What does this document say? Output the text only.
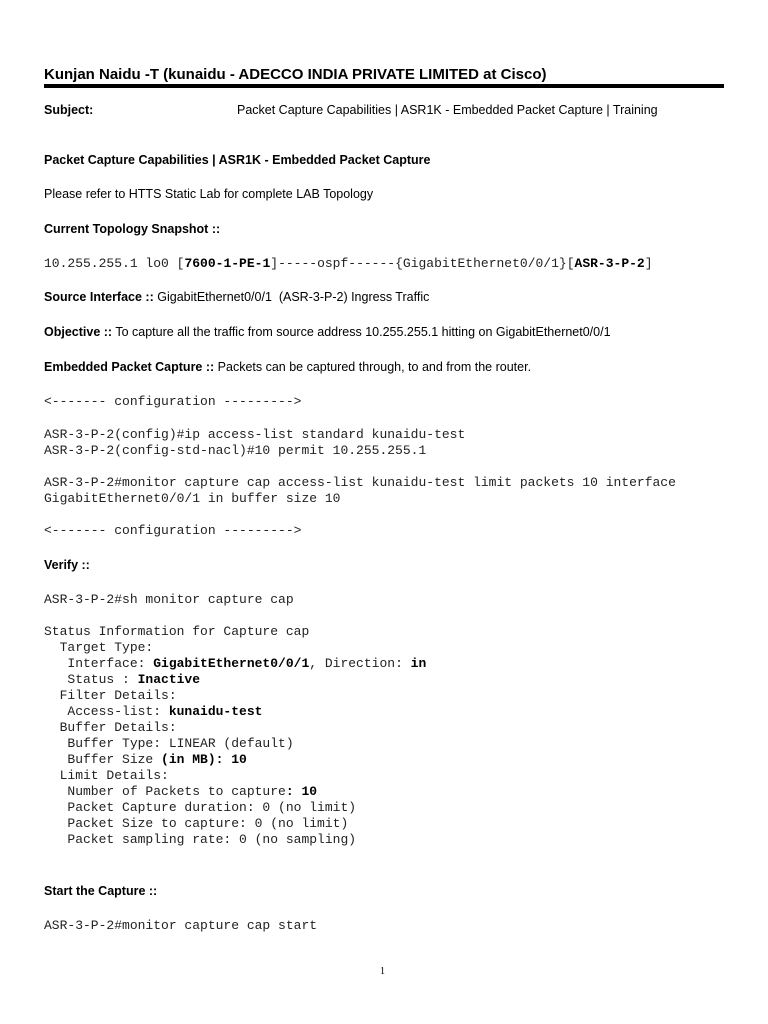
Kunjan Naidu -T (kunaidu - ADECCO INDIA PRIVATE LIMITED at Cisco)
Subject:	Packet Capture Capabilities | ASR1K - Embedded Packet Capture | Training
Packet Capture Capabilities | ASR1K - Embedded Packet Capture
Please refer to HTTS Static Lab for complete LAB Topology
Current Topology Snapshot ::
10.255.255.1 lo0 [7600-1-PE-1]-----ospf------{GigabitEthernet0/0/1}[ASR-3-P-2]
Source Interface :: GigabitEthernet0/0/1  (ASR-3-P-2) Ingress Traffic
Objective :: To capture all the traffic from source address 10.255.255.1 hitting on GigabitEthernet0/0/1
Embedded Packet Capture :: Packets can be captured through, to and from the router.
<------- configuration --------->
ASR-3-P-2(config)#ip access-list standard kunaidu-test
ASR-3-P-2(config-std-nacl)#10 permit 10.255.255.1
ASR-3-P-2#monitor capture cap access-list kunaidu-test limit packets 10 interface
GigabitEthernet0/0/1 in buffer size 10
<------- configuration --------->
Verify ::
ASR-3-P-2#sh monitor capture cap
Status Information for Capture cap
Target Type:
Interface: GigabitEthernet0/0/1, Direction: in
Status : Inactive
Filter Details:
Access-list: kunaidu-test
Buffer Details:
Buffer Type: LINEAR (default)
Buffer Size (in MB): 10
Limit Details:
Number of Packets to capture: 10
Packet Capture duration: 0 (no limit)
Packet Size to capture: 0 (no limit)
Packet sampling rate: 0 (no sampling)
Start the Capture ::
ASR-3-P-2#monitor capture cap start
1
